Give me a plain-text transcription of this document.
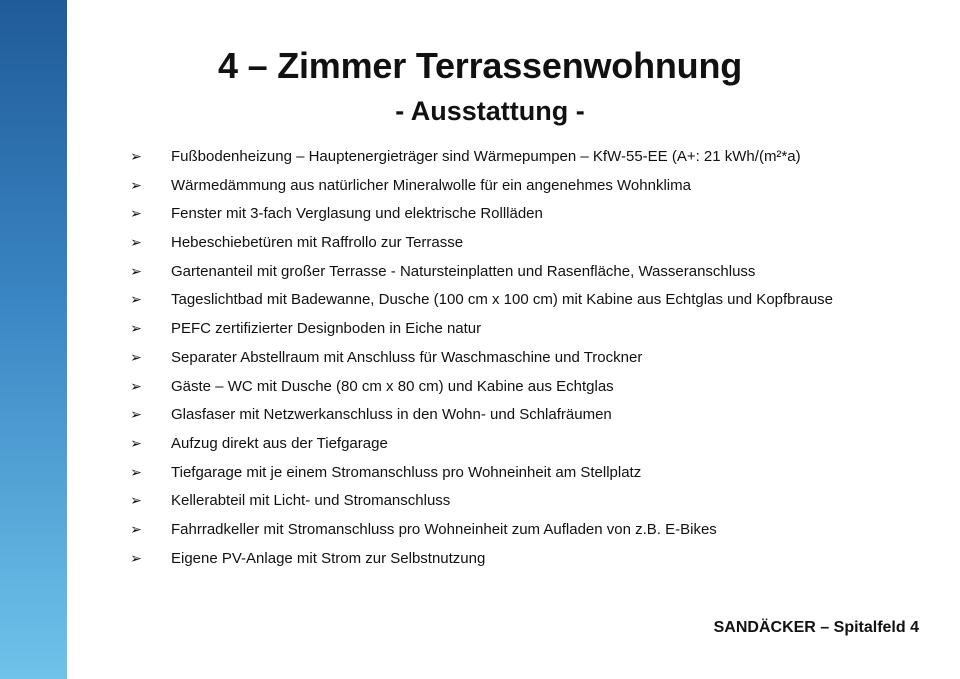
4 – Zimmer Terrassenwohnung
- Ausstattung -
➢ Fußbodenheizung – Hauptenergieträger sind Wärmepumpen – KfW-55-EE (A+: 21 kWh/(m²*a)
➢ Wärmedämmung aus natürlicher Mineralwolle für ein angenehmes Wohnklima
➢ Fenster mit 3-fach Verglasung und elektrische Rollläden
➢ Hebeschiebetüren mit Raffrollo zur Terrasse
➢ Gartenanteil mit großer Terrasse - Natursteinplatten und Rasenfläche, Wasseranschluss
➢ Tageslichtbad mit Badewanne, Dusche (100 cm x 100 cm) mit Kabine aus Echtglas und Kopfbrause
➢ PEFC zertifizierter Designboden in Eiche natur
➢ Separater Abstellraum mit Anschluss für Waschmaschine und Trockner
➢ Gäste – WC mit Dusche (80 cm x 80 cm) und Kabine aus Echtglas
➢ Glasfaser mit Netzwerkanschluss in den Wohn- und Schlafräumen
➢ Aufzug direkt aus der Tiefgarage
➢ Tiefgarage mit je einem Stromanschluss pro Wohneinheit am Stellplatz
➢ Kellerabteil mit Licht- und Stromanschluss
➢ Fahrradkeller mit Stromanschluss pro Wohneinheit zum Aufladen von z.B. E-Bikes
➢ Eigene PV-Anlage mit Strom zur Selbstnutzung
SANDÄCKER – Spitalfeld 4
